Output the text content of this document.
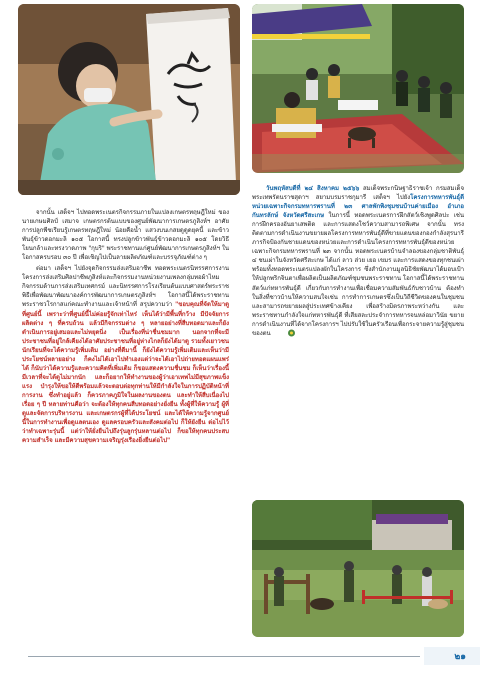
จากนั้น เสด็จฯ ไปทอดพระเนตรกิจกรรมภายในแปลงเกษตรทฤษฎีใหม่ ของนายเกษมศิลป์ เสมาจ เกษตรกรต้นแบบของศูนย์พัฒนาการเกษตรภูสิงห์ฯ อาศัยการปลูกพืชเรียนรู้เกษตรทฤษฎีใหม่ น้อยคือน้ำ แสวงบนเกสยดูดูดยุคนี้ และข้าวพันธุ์ข้าวดอกมะลิ ๑๐๕ โอกาสนี้ ทรงปลูกข้าวพันธุ์ข้าวดอกมะลิ ๑๐๕ โดยวิธีโยนกล้าและทรงวาดภาพ "กุบริ" พระราชทานแก่ศูนย์พัฒนาการเกษตรภูสิงห์ฯ ในโอกาสครบรอบ ๓๐ ปี เพื่อเชิญไปเป็นลายผลิตภัณฑ์และบรรจุภัณฑ์ต่าง ๆ

ต่อมา เสด็จฯ ไปยังจุดกิจกรรมส่งเสริมอาชีพ ทอดพระเนตรนิทรรศการงานโครงการส่งเสริมศิลปาชีพภูสิงห์และกิจกรรมงานหน่วยงานเพลงกลุ่มทอผ้าไหม กิจกรรมด้านการส่งเสริมเทศกรม์ และนิทรรศการโรงเรียนต้นแบบศาสตร์พระราชพิธีเพื่อพัฒนาพัฒนาองค์การพัฒนาการเกษตรภูสิงห์ฯ โอกาสนี้ได้พระราชทานพระราชวโรกาสแก่คณะทำงานและเจ้าหน้าที่ สรุปความว่า "ขอบคุณที่จัดให้มาดูที่ศูนย์นี้ เพราะว่าที่ศูนย์นี้ไม่ค่อยรู้จักเท่าไหร่ เห็นได้ว่ามีพื้นที่กว้าง มีปัจจัยการผลิตต่าง ๆ ที่ครบถ้วน แล้วมีกิจกรรมต่าง ๆ หลายอย่างที่สืบทอดมาและก็ยังดำเนินการอยู่เสมอและไม่หยุดนิ่ง เป็นเรื่องที่น่าชื่นชมมาก นอกจากที่จะมีประชาชนที่อยู่ใกล้เคียงได้อาศัยประชาชนที่อยู่ห่างไกลก็ยังได้มาดู รวมทั้งเยาวชน นักเรียนที่จะได้ความรู้เพิ่มเติม อย่างที่ดีมานี้ ก็ยังได้ความรู้เพิ่มเติมและเห็นว่ามีประโยชน์หลายอย่าง ก็คงไม่ได้เอาไปทำเองแต่ว่าจะได้เอาไปถ่ายทอดแผนแพร่ได้ ก็นับว่าได้ความรู้และความคิดที่เพิ่มเติม ก็ขอแสดงความชื่นชม ก็เห็นว่าเรื่องนี้มีเวลาที่จะได้ดูไม่มากนัก และก็อยากให้ทำงานของผู้ว่าเอาเทพไม่มีสุขภาพแข็งแรง บำรุงให้ขอให้ดีพร้อมแล้วจะตอบต่อทุกท่านให้มีกำลังใจในการปฏิบัติหน้าที่การงาน ซึ่งทำอยู่แล้ว ก็ควรภาคภูมิใจในผลงานของตน และทำให้สืบเนื่องไปเรื่อย ๆ ปี หลายท่านคือว่า จะต้องให้ทุกคนสืบทอดอย่างยั่งยืน ทั้งผู้ที่ให้ความรู้ ผู้ที่ดูและจัดการบริหารงาน และเกษตรกรผู้ที่ได้ประโยชน์ และได้ให้ความรู้จากศูนย์นี้ในการทำงานเพื่อดูแลตนเอง ดูแลครอบครัวและสังคมต่อไป ก็ให้ยังยืน ต่อไปไว้ว่าทำเฉพาะรุ่นนี้ แต่ว่าให้ยั่งยืนไปถึงรุ่นลูกรุ่นหลานต่อไป ก็ขอให้ทุกคนประสบความสำเร็จ และมีความสุขความเจริญรุ่งเรืองยิ่งยืนต่อไป"

วันพฤหัสบดีที่ ๒๔ สิงหาคม ๒๕๖๖ สมเด็จพระกนิษฐาธิราชเจ้า กรมสมเด็จพระเทพรัตนราชสุดาฯ สยามบรมราชกุมารี เสด็จฯ ไปยังโครงการทหารพันธุ์ดี หน่วยเฉพาะกิจกรมทหารพรานที่ ๒๓ ศาลพักพิงชุมชนบ้านค่ายเมือง อำเภอกันทรลักษ์ จังหวัดศรีสะเกษ ในการนี้ ทอดพระเนตรการฝึกสัตว์เชิงพูดศิลปะ เช่น การฝึกครองอันยาเสพติด และการแสดงโชว์ความสามารถพิเศษ จากนั้น ทรงติดตามการดำเนินงานขยายผลโครงการทหารพันธุ์ดีที่ขายแดนของกองกำลังสุรนารี ภารกิจป้องกันชายแดนของหน่วยและการดำเนินโครงการทหารพันธุ์ดีของหน่วยเฉพาะกิจกรมทหารพรานที่ ๒๓ จากนั้น ทอดพระเนตรบ้านจำลองของกลุ่มชาติพันธุ์ ๔ ชนเผ่าในจังหวัดศรีสะเกษ ได้แก่ ลาว ส่วย เยอ เขมร และการแสดงของทุกชนเผ่า พร้อมทั้งทอดพระเนตรแปลงผักในโครงการ ซึ่งสำนักงานมูลนิธิชัยพัฒนาได้มอบเป้าให้ปลูกพริกจินตาเพื่อผลิตเป็นผลิตภัณฑ์ชุมชนพระราชทาน โอกาสนี้ได้พระราชทานสัตว์แก่ทหารพันธุ์ดี เกี่ยวกับการทำงานเพื่อเชื่อมความสัมพันธ์กับชาวบ้าน ต้องทำในสิ่งที่ชาวบ้านให้ความสนใจเช่น การทำการเกษตรซึ่งเป็นวิถีชีวิตของคนในชุมชนและสามารถขยายผลสู่ประเทศข้างเคียง เพื่อสร้างมิตรภาพระหว่างกัน และพระราชทานกำลังใจแก่ทหารพันธุ์ดี ที่เสียสละประจำการทหารจนหล่อมาวินัย ขยายการดำเนินงานที่ได้จากโครงการฯ ไปปรับใช้ในครัวเรือนเพื่อกระจายความรู้สู่ชุมชนของตน

๒๑
